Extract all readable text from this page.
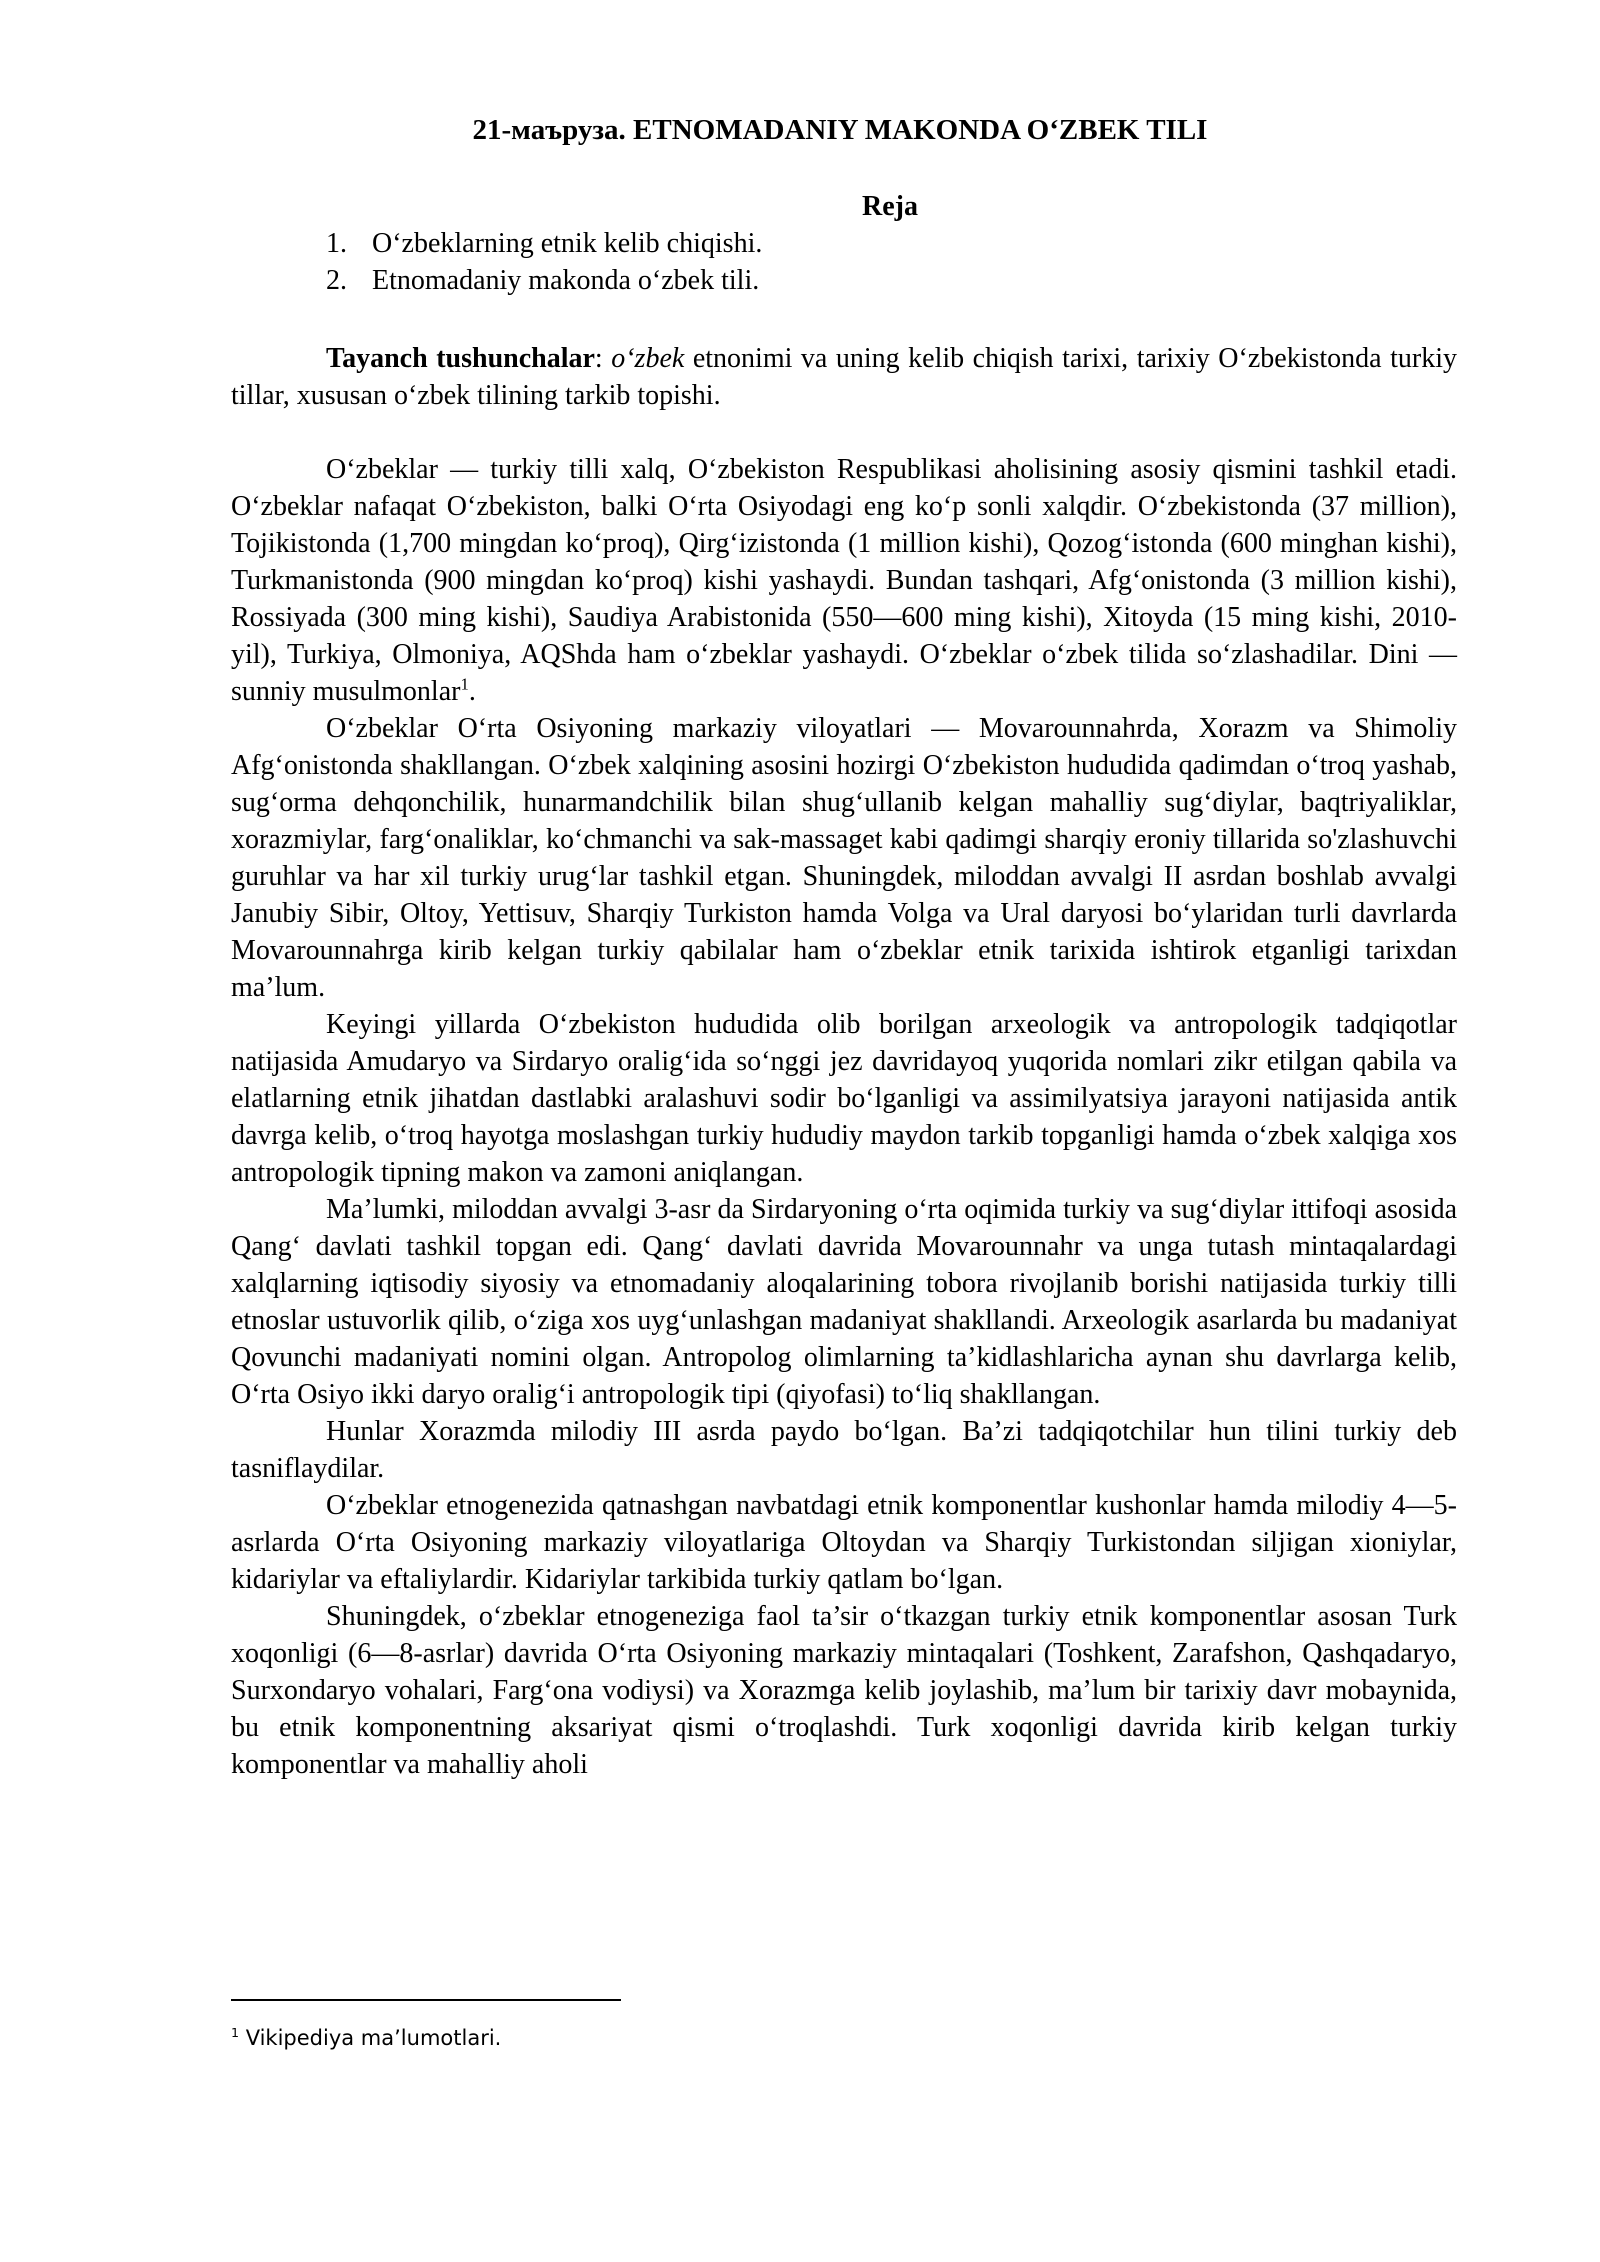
21-маъруза. ETNOMADANIY MAKONDA O‘ZBEK TILI
Reja
1. O‘zbeklarning etnik kelib chiqishi.
2. Etnomadaniy makonda o‘zbek tili.

Tayanch tushunchalar: o‘zbek etnonimi va uning kelib chiqish tarixi, tarixiy O‘zbekistonda turkiy tillar, xususan o‘zbek tilining tarkib topishi.

O‘zbeklar — turkiy tilli xalq, O‘zbekiston Respublikasi aholisining asosiy qismini tashkil etadi. O‘zbeklar nafaqat O‘zbekiston, balki O‘rta Osiyodagi eng ko‘p sonli xalqdir. O‘zbekistonda (37 million), Tojikistonda (1,700 mingdan ko‘proq), Qirg‘izistonda (1 million kishi), Qozog‘istonda (600 minghan kishi), Turkmanistonda (900 mingdan ko‘proq) kishi yashaydi. Bundan tashqari, Afg‘onistonda (3 million kishi), Rossiyada (300 ming kishi), Saudiya Arabistonida (550—600 ming kishi), Xitoyda (15 ming kishi, 2010-yil), Turkiya, Olmoniya, AQShda ham o‘zbeklar yashaydi. O‘zbeklar o‘zbek tilida so‘zlashadilar. Dini — sunniy musulmonlar$^1$.

O‘zbeklar O‘rta Osiyoning markaziy viloyatlari — Movarounnahrda, Xorazm va Shimoliy Afg‘onistonda shakllangan. O‘zbek xalqining asosini hozirgi O‘zbekiston hududida qadimdan o‘troq yashab, sug‘orma dehqonchilik, hunarmandchilik bilan shug‘ullanib kelgan mahalliy sug‘diylar, baqtriyaliklar, xorazmiylar, farg‘onaliklar, ko‘chmanchi va sak-massaget kabi qadimgi sharqiy eroniy tillarida so'zlashuvchi guruhlar va har xil turkiy urug‘lar tashkil etgan. Shuningdek, miloddan avvalgi II asrdan boshlab avvalgi Janubiy Sibir, Oltoy, Yettisuv, Sharqiy Turkiston hamda Volga va Ural daryosi bo‘ylaridan turli davrlarda Movarounnahrga kirib kelgan turkiy qabilalar ham o‘zbeklar etnik tarixida ishtirok etganligi tarixdan ma’lum.

Keyingi yillarda O‘zbekiston hududida olib borilgan arxeologik va antropologik tadqiqotlar natijasida Amudaryo va Sirdaryo oralig‘ida so‘nggi jez davridayoq yuqorida nomlari zikr etilgan qabila va elatlarning etnik jihatdan dastlabki aralashuvi sodir bo‘lganligi va assimilyatsiya jarayoni natijasida antik davrga kelib, o‘troq hayotga moslashgan turkiy hududiy maydon tarkib topganligi hamda o‘zbek xalqiga xos antropologik tipning makon va zamoni aniqlangan.

Ma’lumki, miloddan avvalgi 3-asr da Sirdaryoning o‘rta oqimida turkiy va sug‘diylar ittifoqi asosida Qang‘ davlati tashkil topgan edi. Qang‘ davlati davrida Movarounnahr va unga tutash mintaqalardagi xalqlarning iqtisodiy siyosiy va etnomadaniy aloqalarining tobora rivojlanib borishi natijasida turkiy tilli etnoslar ustuvorlik qilib, o‘ziga xos uyg‘unlashgan madaniyat shakllandi. Arxeologik asarlarda bu madaniyat Qovunchi madaniyati nomini olgan. Antropolog olimlarning ta’kidlashlaricha aynan shu davrlarga kelib, O‘rta Osiyo ikki daryo oralig‘i antropologik tipi (qiyofasi) to‘liq shakllangan.

Hunlar Xorazmda milodiy III asrda paydo bo‘lgan. Ba’zi tadqiqotchilar hun tilini turkiy deb tasniflaydilar.

O‘zbeklar etnogenezida qatnashgan navbatdagi etnik komponentlar kushonlar hamda milodiy 4—5-asrlarda O‘rta Osiyoning markaziy viloyatlariga Oltoydan va Sharqiy Turkistondan siljigan xioniylar, kidariylar va eftaliylardir. Kidariylar tarkibida turkiy qatlam bo‘lgan.

Shuningdek, o‘zbeklar etnogeneziga faol ta’sir o‘tkazgan turkiy etnik komponentlar asosan Turk xoqonligi (6—8-asrlar) davrida O‘rta Osiyoning markaziy mintaqalari (Toshkent, Zarafshon, Qashqadaryo, Surxondaryo vohalari, Farg‘ona vodiysi) va Xorazmga kelib joylashib, ma’lum bir tarixiy davr mobaynida, bu etnik komponentning aksariyat qismi o‘troqlashdi. Turk xoqonligi davrida kirib kelgan turkiy komponentlar va mahalliy aholi

$^1$ Vikipediya ma’lumotlari.
